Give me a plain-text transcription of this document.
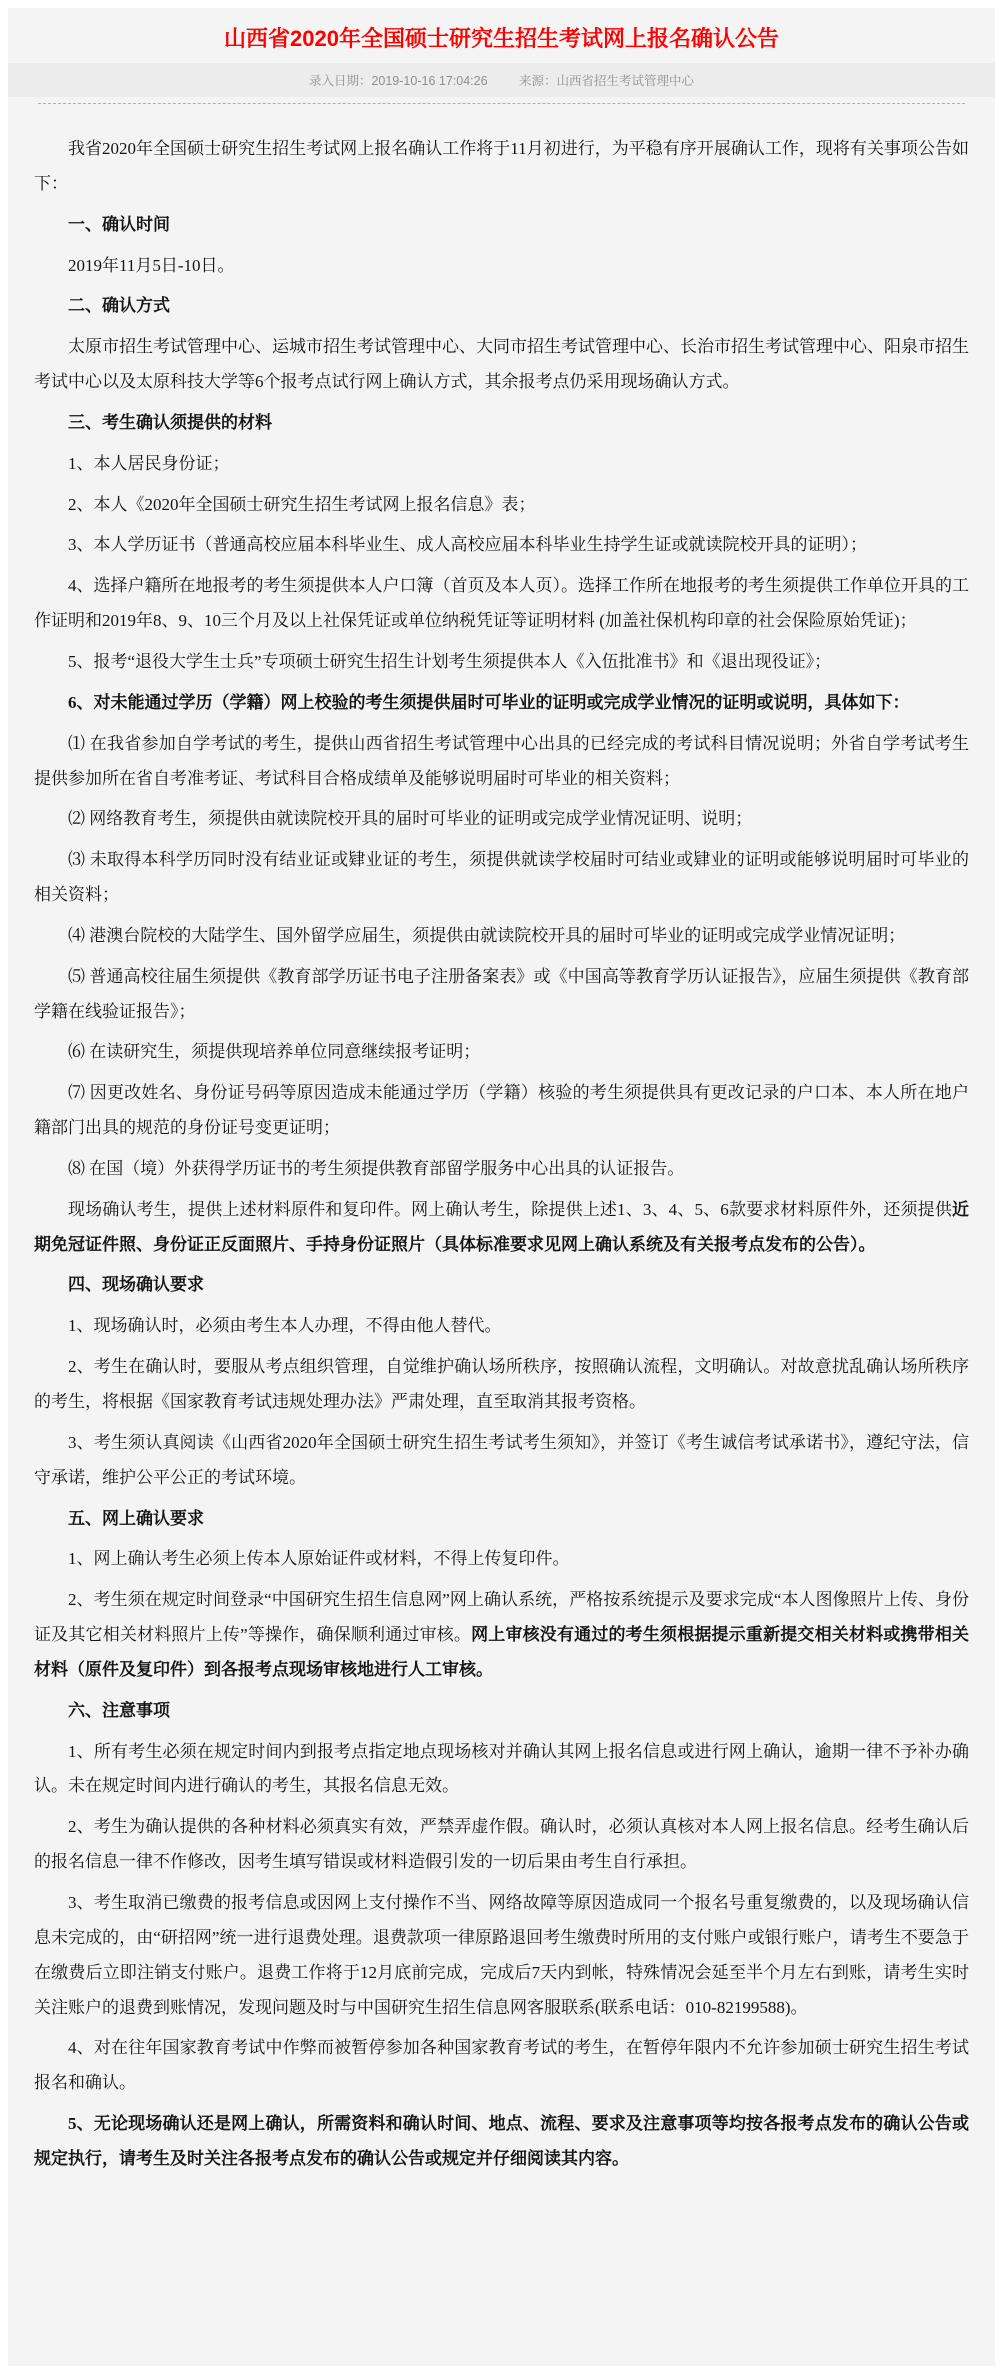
山西省2020年全国硕士研究生招生考试网上报名确认公告
录入日期：2019-10-16 17:04:26	来源：山西省招生考试管理中心

我省2020年全国硕士研究生招生考试网上报名确认工作将于11月初进行，为平稳有序开展确认工作，现将有关事项公告如下：

一、确认时间

2019年11月5日-10日。

二、确认方式

太原市招生考试管理中心、运城市招生考试管理中心、大同市招生考试管理中心、长治市招生考试管理中心、阳泉市招生考试中心以及太原科技大学等6个报考点试行网上确认方式，其余报考点仍采用现场确认方式。

三、考生确认须提供的材料

1、本人居民身份证；

2、本人《2020年全国硕士研究生招生考试网上报名信息》表；

3、本人学历证书（普通高校应届本科毕业生、成人高校应届本科毕业生持学生证或就读院校开具的证明）；

4、选择户籍所在地报考的考生须提供本人户口簿（首页及本人页）。选择工作所在地报考的考生须提供工作单位开具的工作证明和2019年8、9、10三个月及以上社保凭证或单位纳税凭证等证明材料 (加盖社保机构印章的社会保险原始凭证)；

5、报考“退役大学生士兵”专项硕士研究生招生计划考生须提供本人《入伍批准书》和《退出现役证》；

6、对未能通过学历（学籍）网上校验的考生须提供届时可毕业的证明或完成学业情况的证明或说明，具体如下：

⑴ 在我省参加自学考试的考生，提供山西省招生考试管理中心出具的已经完成的考试科目情况说明；外省自学考试考生提供参加所在省自考准考证、考试科目合格成绩单及能够说明届时可毕业的相关资料；

⑵ 网络教育考生，须提供由就读院校开具的届时可毕业的证明或完成学业情况证明、说明；

⑶ 未取得本科学历同时没有结业证或肄业证的考生，须提供就读学校届时可结业或肄业的证明或能够说明届时可毕业的相关资料；

⑷ 港澳台院校的大陆学生、国外留学应届生，须提供由就读院校开具的届时可毕业的证明或完成学业情况证明；

⑸ 普通高校往届生须提供《教育部学历证书电子注册备案表》或《中国高等教育学历认证报告》，应届生须提供《教育部学籍在线验证报告》；

⑹ 在读研究生，须提供现培养单位同意继续报考证明；

⑺ 因更改姓名、身份证号码等原因造成未能通过学历（学籍）核验的考生须提供具有更改记录的户口本、本人所在地户籍部门出具的规范的身份证号变更证明；

⑻ 在国（境）外获得学历证书的考生须提供教育部留学服务中心出具的认证报告。

现场确认考生，提供上述材料原件和复印件。网上确认考生，除提供上述1、3、4、5、6款要求材料原件外，还须提供近期免冠证件照、身份证正反面照片、手持身份证照片（具体标准要求见网上确认系统及有关报考点发布的公告）。

四、现场确认要求

1、现场确认时，必须由考生本人办理，不得由他人替代。

2、考生在确认时，要服从考点组织管理，自觉维护确认场所秩序，按照确认流程，文明确认。对故意扰乱确认场所秩序的考生，将根据《国家教育考试违规处理办法》严肃处理，直至取消其报考资格。

3、考生须认真阅读《山西省2020年全国硕士研究生招生考试考生须知》，并签订《考生诚信考试承诺书》，遵纪守法，信守承诺，维护公平公正的考试环境。

五、网上确认要求

1、网上确认考生必须上传本人原始证件或材料，不得上传复印件。

2、考生须在规定时间登录“中国研究生招生信息网”网上确认系统，严格按系统提示及要求完成“本人图像照片上传、身份证及其它相关材料照片上传”等操作，确保顺利通过审核。网上审核没有通过的考生须根据提示重新提交相关材料或携带相关材料（原件及复印件）到各报考点现场审核地进行人工审核。

六、注意事项

1、所有考生必须在规定时间内到报考点指定地点现场核对并确认其网上报名信息或进行网上确认，逾期一律不予补办确认。未在规定时间内进行确认的考生，其报名信息无效。

2、考生为确认提供的各种材料必须真实有效，严禁弄虚作假。确认时，必须认真核对本人网上报名信息。经考生确认后的报名信息一律不作修改，因考生填写错误或材料造假引发的一切后果由考生自行承担。

3、考生取消已缴费的报考信息或因网上支付操作不当、网络故障等原因造成同一个报名号重复缴费的，以及现场确认信息未完成的，由“研招网”统一进行退费处理。退费款项一律原路退回考生缴费时所用的支付账户或银行账户，请考生不要急于在缴费后立即注销支付账户。退费工作将于12月底前完成，完成后7天内到帐，特殊情况会延至半个月左右到账，请考生实时关注账户的退费到账情况，发现问题及时与中国研究生招生信息网客服联系(联系电话：010-82199588)。

4、对在往年国家教育考试中作弊而被暂停参加各种国家教育考试的考生，在暂停年限内不允许参加硕士研究生招生考试报名和确认。

5、无论现场确认还是网上确认，所需资料和确认时间、地点、流程、要求及注意事项等均按各报考点发布的确认公告或规定执行，请考生及时关注各报考点发布的确认公告或规定并仔细阅读其内容。
